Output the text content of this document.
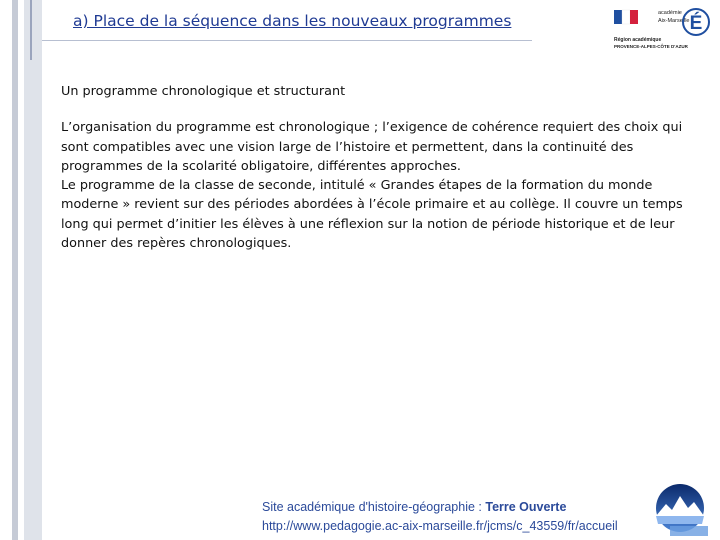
a) Place de la séquence dans les nouveaux programmes	académie
Aix-Marseille É
Région académique
PROVENCE-ALPES-CÔTE D'AZUR

Un programme chronologique et structurant

L’organisation du programme est chronologique ; l’exigence de cohérence requiert des choix qui sont compatibles avec une vision large de l’histoire et permettent, dans la continuité des programmes de la scolarité obligatoire, différentes approches.

Le programme de la classe de seconde, intitulé « Grandes étapes de la formation du monde moderne » revient sur des périodes abordées à l’école primaire et au collège. Il couvre un temps long qui permet d’initier les élèves à une réflexion sur la notion de période historique et de leur donner des repères chronologiques.

Site académique d'histoire-géographie : Terre Ouverte
http://www.pedagogie.ac-aix-marseille.fr/jcms/c_43559/fr/accueil
